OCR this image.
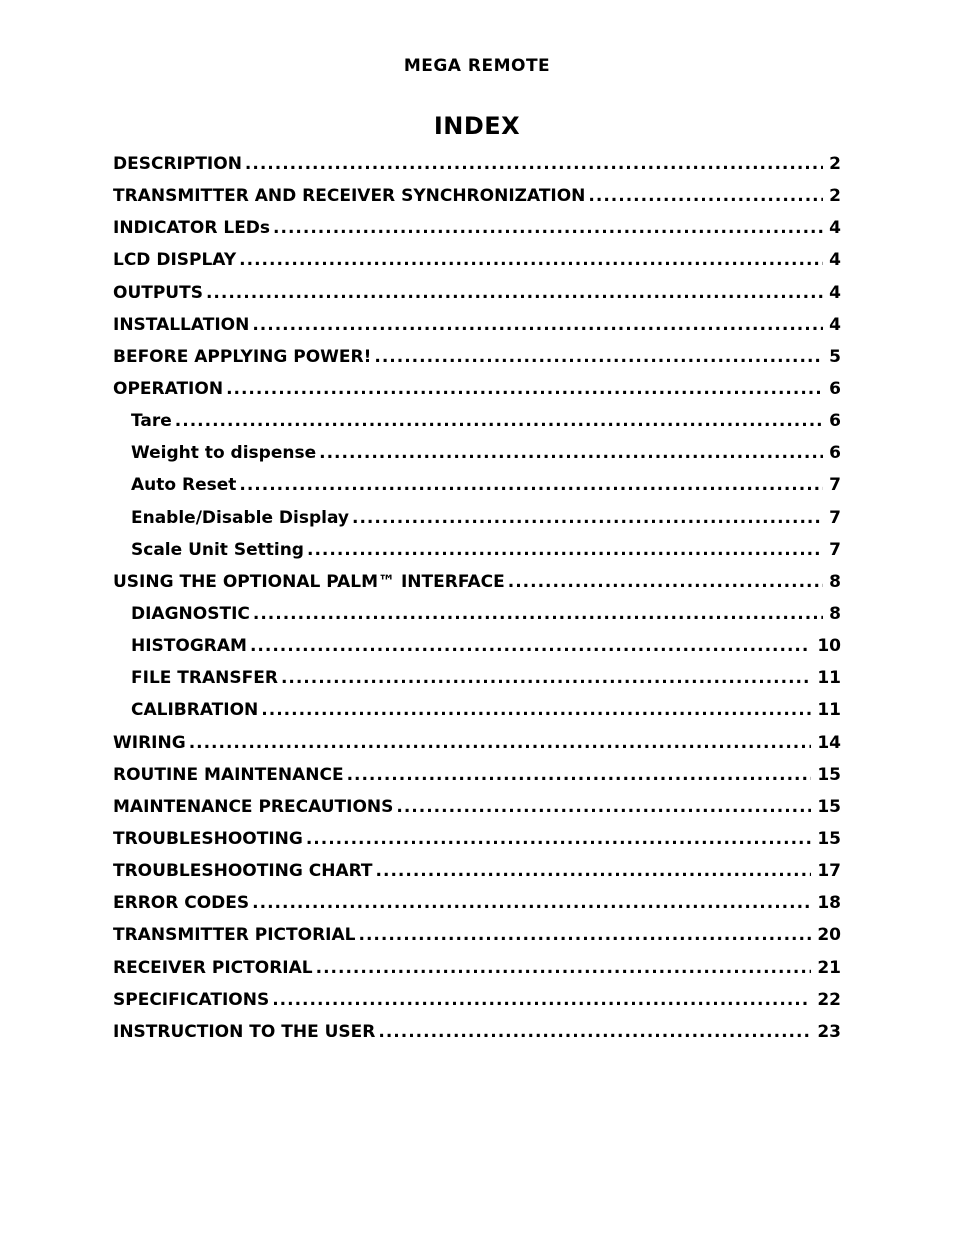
MEGA REMOTE
INDEX
DESCRIPTION .....	2
TRANSMITTER AND RECEIVER SYNCHRONIZATION .....	2
INDICATOR LEDs .....	4
LCD DISPLAY .....	4
OUTPUTS .....	4
INSTALLATION .....	4
BEFORE APPLYING POWER! .....	5
OPERATION .....	6
Tare .....	6
Weight to dispense .....	6
Auto Reset .....	7
Enable/Disable Display .....	7
Scale Unit Setting .....	7
USING THE OPTIONAL PALM™ INTERFACE .....	8
DIAGNOSTIC .....	8
HISTOGRAM .....	10
FILE TRANSFER .....	11
CALIBRATION .....	11
WIRING .....	14
ROUTINE MAINTENANCE .....	15
MAINTENANCE PRECAUTIONS .....	15
TROUBLESHOOTING .....	15
TROUBLESHOOTING CHART .....	17
ERROR CODES .....	18
TRANSMITTER PICTORIAL .....	20
RECEIVER PICTORIAL .....	21
SPECIFICATIONS .....	22
INSTRUCTION TO THE USER .....	23
